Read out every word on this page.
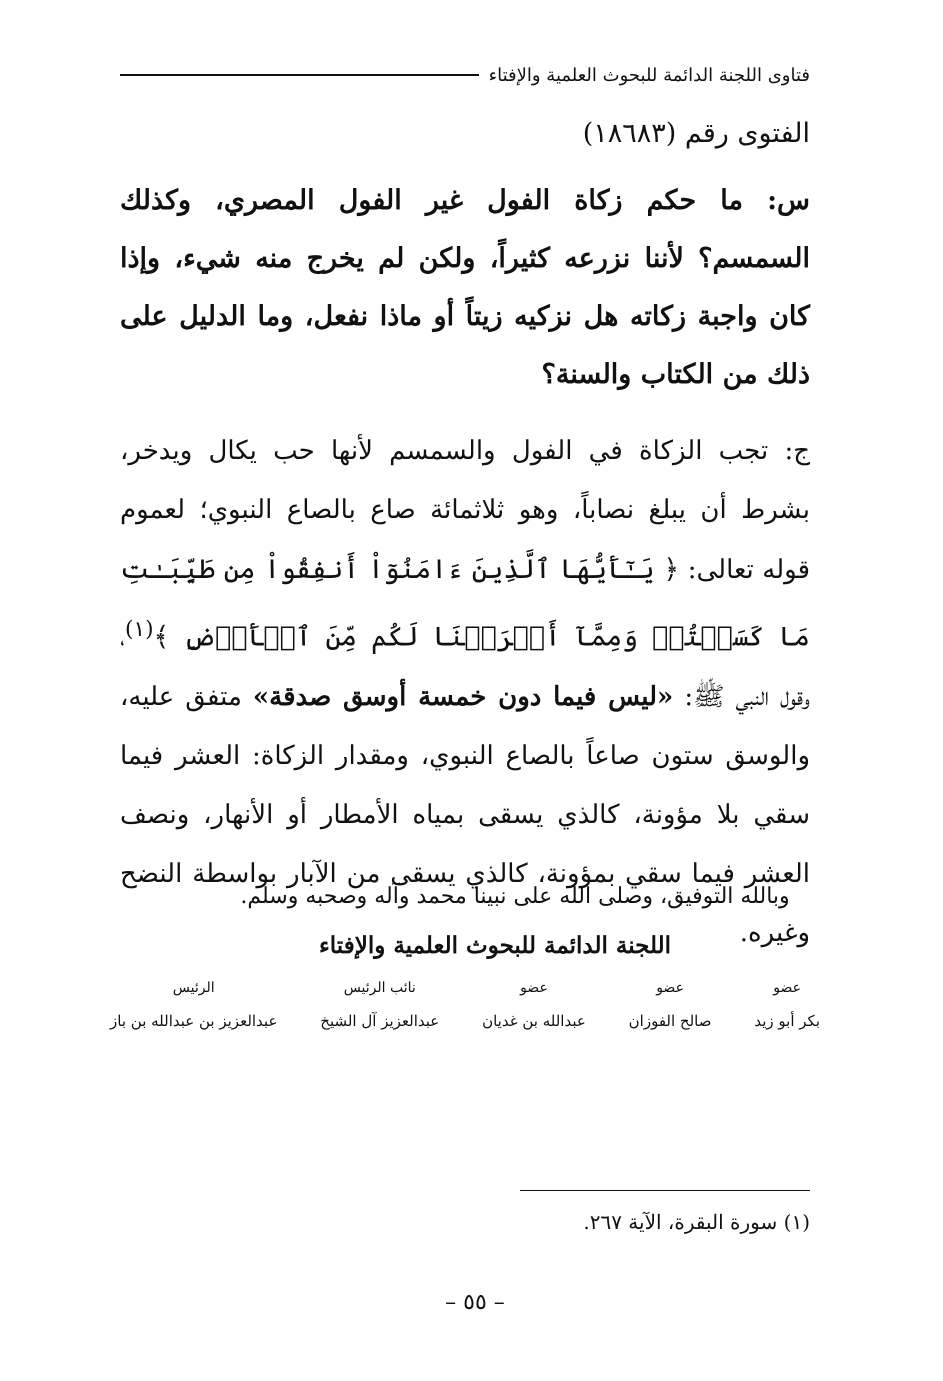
فتاوى اللجنة الدائمة للبحوث العلمية والإفتاء
الفتوى رقم (١٨٦٨٣)
س: ما حكم زكاة الفول غير الفول المصري، وكذلك السمسم؟ لأننا نزرعه كثيراً، ولكن لم يخرج منه شيء، وإذا كان واجبة زكاته هل نزكيه زيتاً أو ماذا نفعل، وما الدليل على ذلك من الكتاب والسنة؟
ج: تجب الزكاة في الفول والسمسم لأنها حب يكال ويدخر، بشرط أن يبلغ نصاباً، وهو ثلاثمائة صاع بالصاع النبوي؛ لعموم قوله تعالى: ﴿ يَـٰٓأَيُّهَا ٱلَّذِينَ ءَامَنُوٓاْ أَنفِقُواْ مِن طَيِّبَـٰتِ مَا كَسَبۡتُمۡ وَمِمَّآ أَخۡرَجۡنَا لَكُم مِّنَ ٱلۡأَرۡضِ ﴾$^{(١)}$، وقول النبي ﷺ: «ليس فيما دون خمسة أوسق صدقة» متفق عليه، والوسق ستون صاعاً بالصاع النبوي، ومقدار الزكاة: العشر فيما سقي بلا مؤونة، كالذي يسقى بمياه الأمطار أو الأنهار، ونصف العشر فيما سقي بمؤونة، كالذي يسقى من الآبار بواسطة النضح وغيره.
وبالله التوفيق، وصلى الله على نبينا محمد وآله وصحبه وسلم.
اللجنة الدائمة للبحوث العلمية والإفتاء
عضو
بكر أبو زيد
عضو
صالح الفوزان
عضو
عبدالله بن غديان
نائب الرئيس
عبدالعزيز آل الشيخ
الرئيس
عبدالعزيز بن عبدالله بن باز
(١) سورة البقرة، الآية ٢٦٧.
– ٥٥ –
